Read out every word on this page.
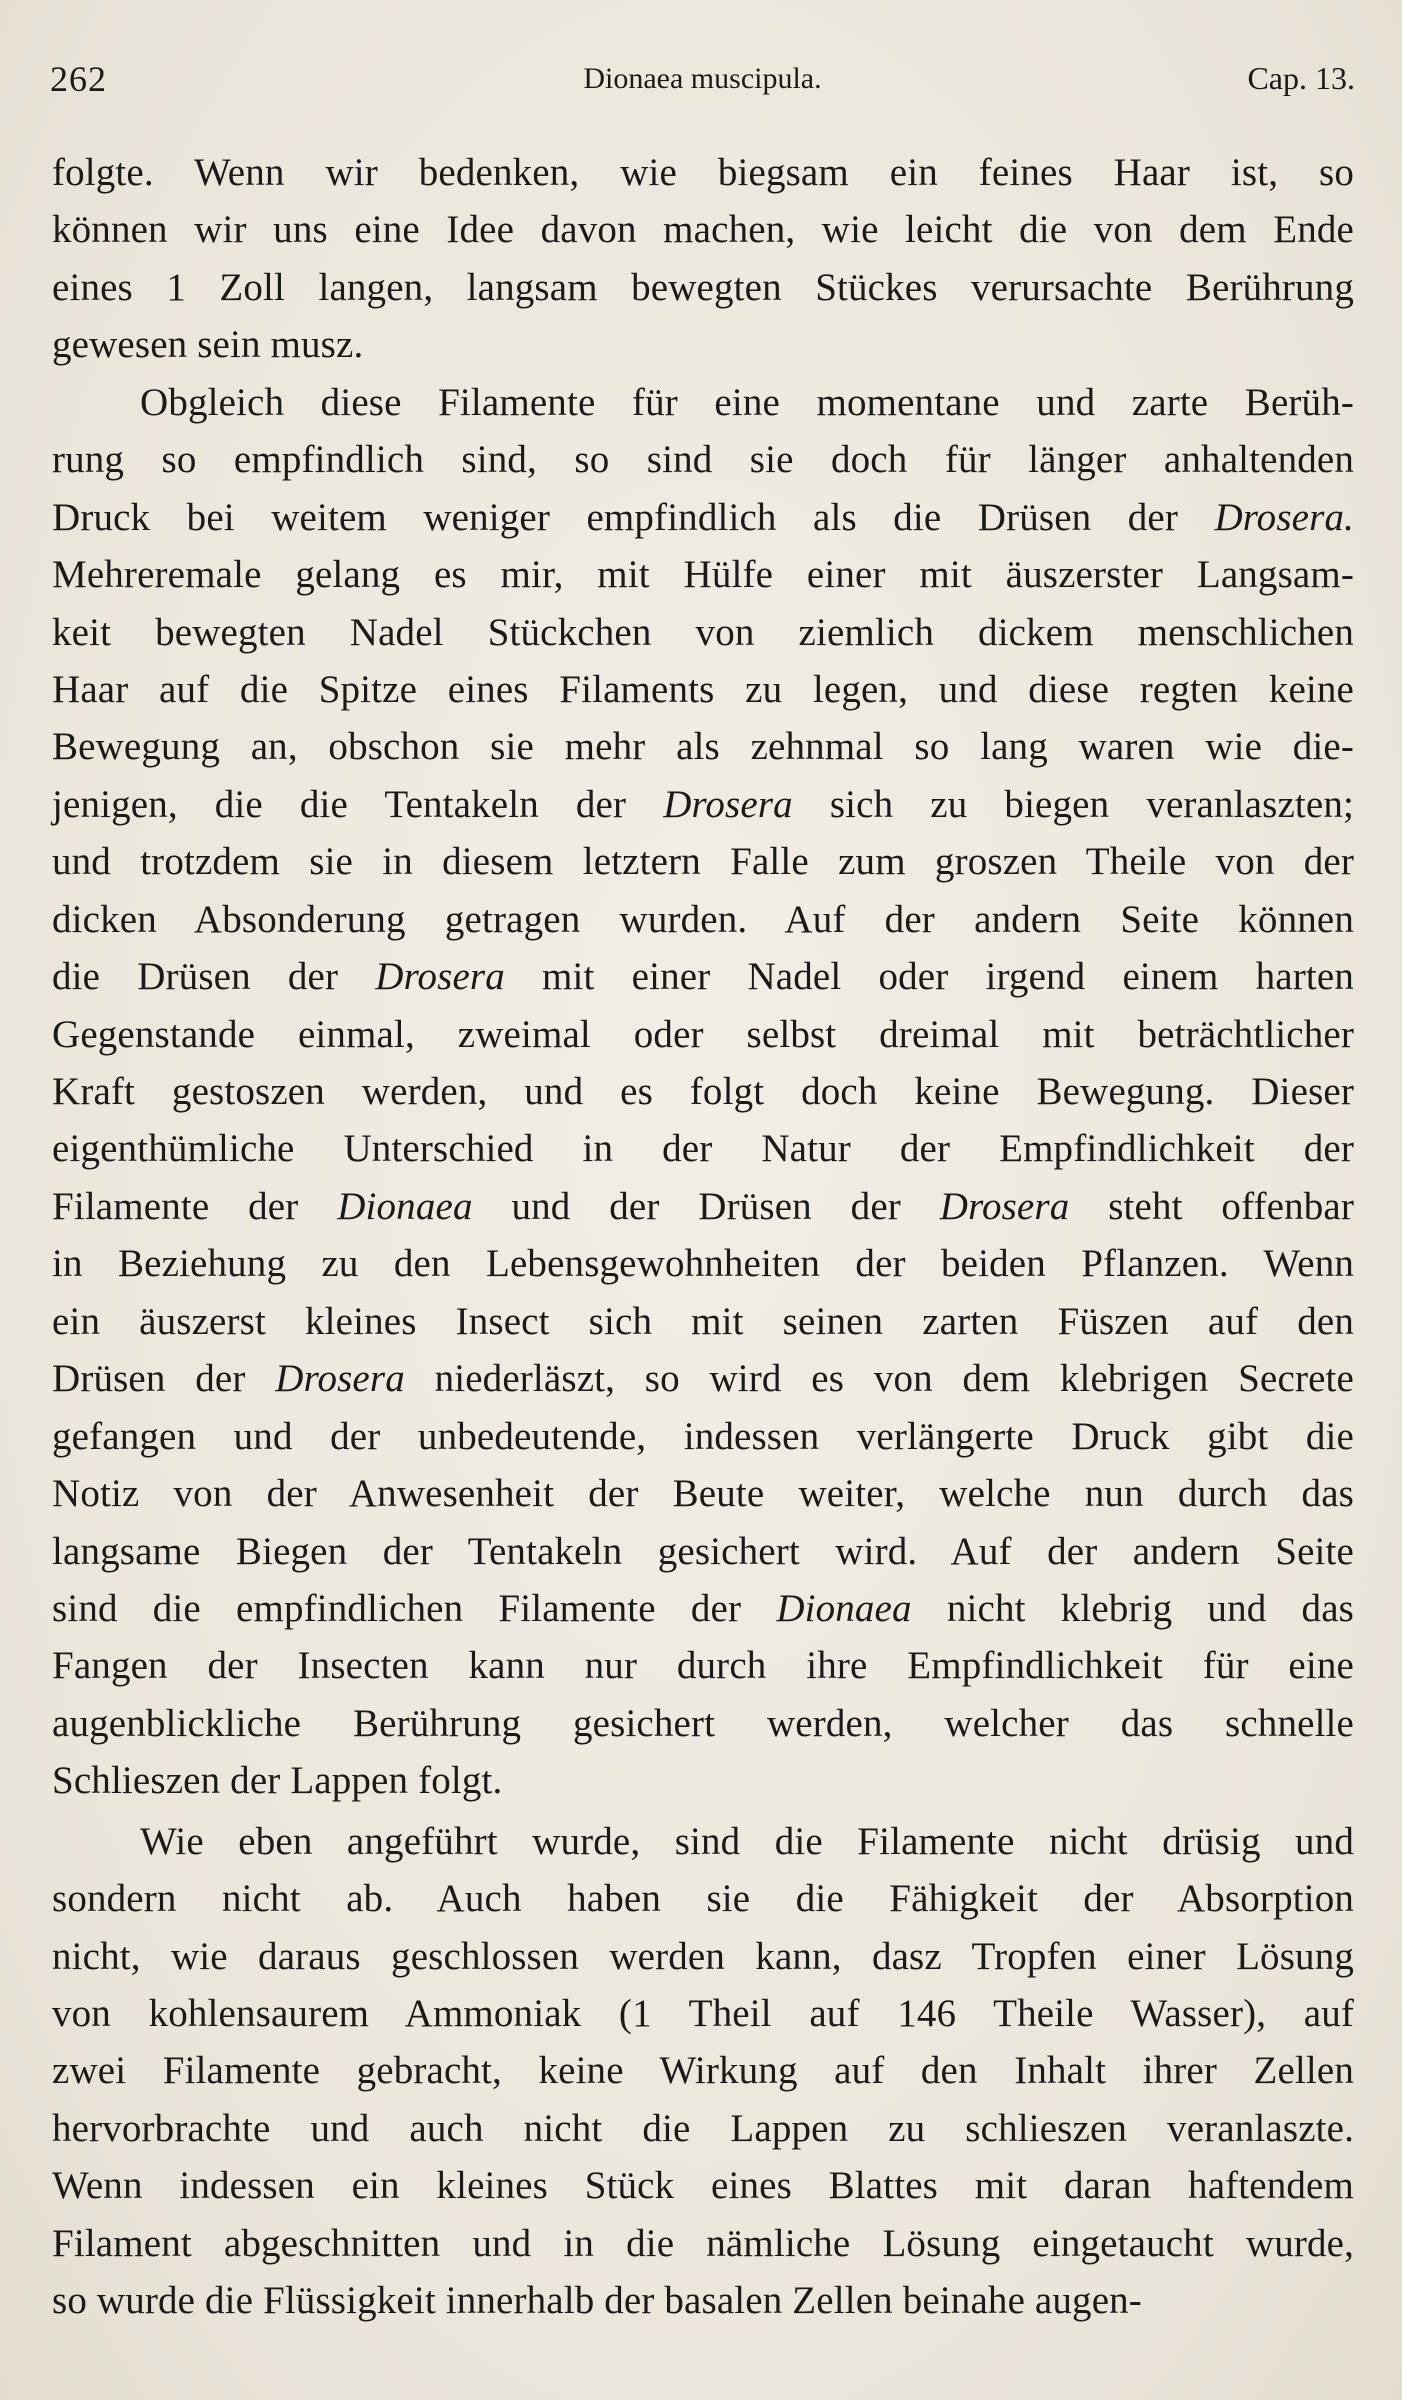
262	Dionaea muscipula.	Cap. 13.
folgte. Wenn wir bedenken, wie biegsam ein feines Haar ist, so
können wir uns eine Idee davon machen, wie leicht die von dem Ende
eines 1 Zoll langen, langsam bewegten Stückes verursachte Berührung
gewesen sein musz.
Obgleich diese Filamente für eine momentane und zarte Berüh-
rung so empfindlich sind, so sind sie doch für länger anhaltenden
Druck bei weitem weniger empfindlich als die Drüsen der Drosera.
Mehreremale gelang es mir, mit Hülfe einer mit äuszerster Langsam-
keit bewegten Nadel Stückchen von ziemlich dickem menschlichen
Haar auf die Spitze eines Filaments zu legen, und diese regten keine
Bewegung an, obschon sie mehr als zehnmal so lang waren wie die-
jenigen, die die Tentakeln der Drosera sich zu biegen veranlaszten;
und trotzdem sie in diesem letztern Falle zum groszen Theile von der
dicken Absonderung getragen wurden. Auf der andern Seite können
die Drüsen der Drosera mit einer Nadel oder irgend einem harten
Gegenstande einmal, zweimal oder selbst dreimal mit beträchtlicher
Kraft gestoszen werden, und es folgt doch keine Bewegung. Dieser
eigenthümliche Unterschied in der Natur der Empfindlichkeit der
Filamente der Dionaea und der Drüsen der Drosera steht offenbar
in Beziehung zu den Lebensgewohnheiten der beiden Pflanzen. Wenn
ein äuszerst kleines Insect sich mit seinen zarten Füszen auf den
Drüsen der Drosera niederläszt, so wird es von dem klebrigen Secrete
gefangen und der unbedeutende, indessen verlängerte Druck gibt die
Notiz von der Anwesenheit der Beute weiter, welche nun durch das
langsame Biegen der Tentakeln gesichert wird. Auf der andern Seite
sind die empfindlichen Filamente der Dionaea nicht klebrig und das
Fangen der Insecten kann nur durch ihre Empfindlichkeit für eine
augenblickliche Berührung gesichert werden, welcher das schnelle
Schlieszen der Lappen folgt.
Wie eben angeführt wurde, sind die Filamente nicht drüsig und
sondern nicht ab. Auch haben sie die Fähigkeit der Absorption
nicht, wie daraus geschlossen werden kann, dasz Tropfen einer Lösung
von kohlensaurem Ammoniak (1 Theil auf 146 Theile Wasser), auf
zwei Filamente gebracht, keine Wirkung auf den Inhalt ihrer Zellen
hervorbrachte und auch nicht die Lappen zu schlieszen veranlaszte.
Wenn indessen ein kleines Stück eines Blattes mit daran haftendem
Filament abgeschnitten und in die nämliche Lösung eingetaucht wurde,
so wurde die Flüssigkeit innerhalb der basalen Zellen beinahe augen-
